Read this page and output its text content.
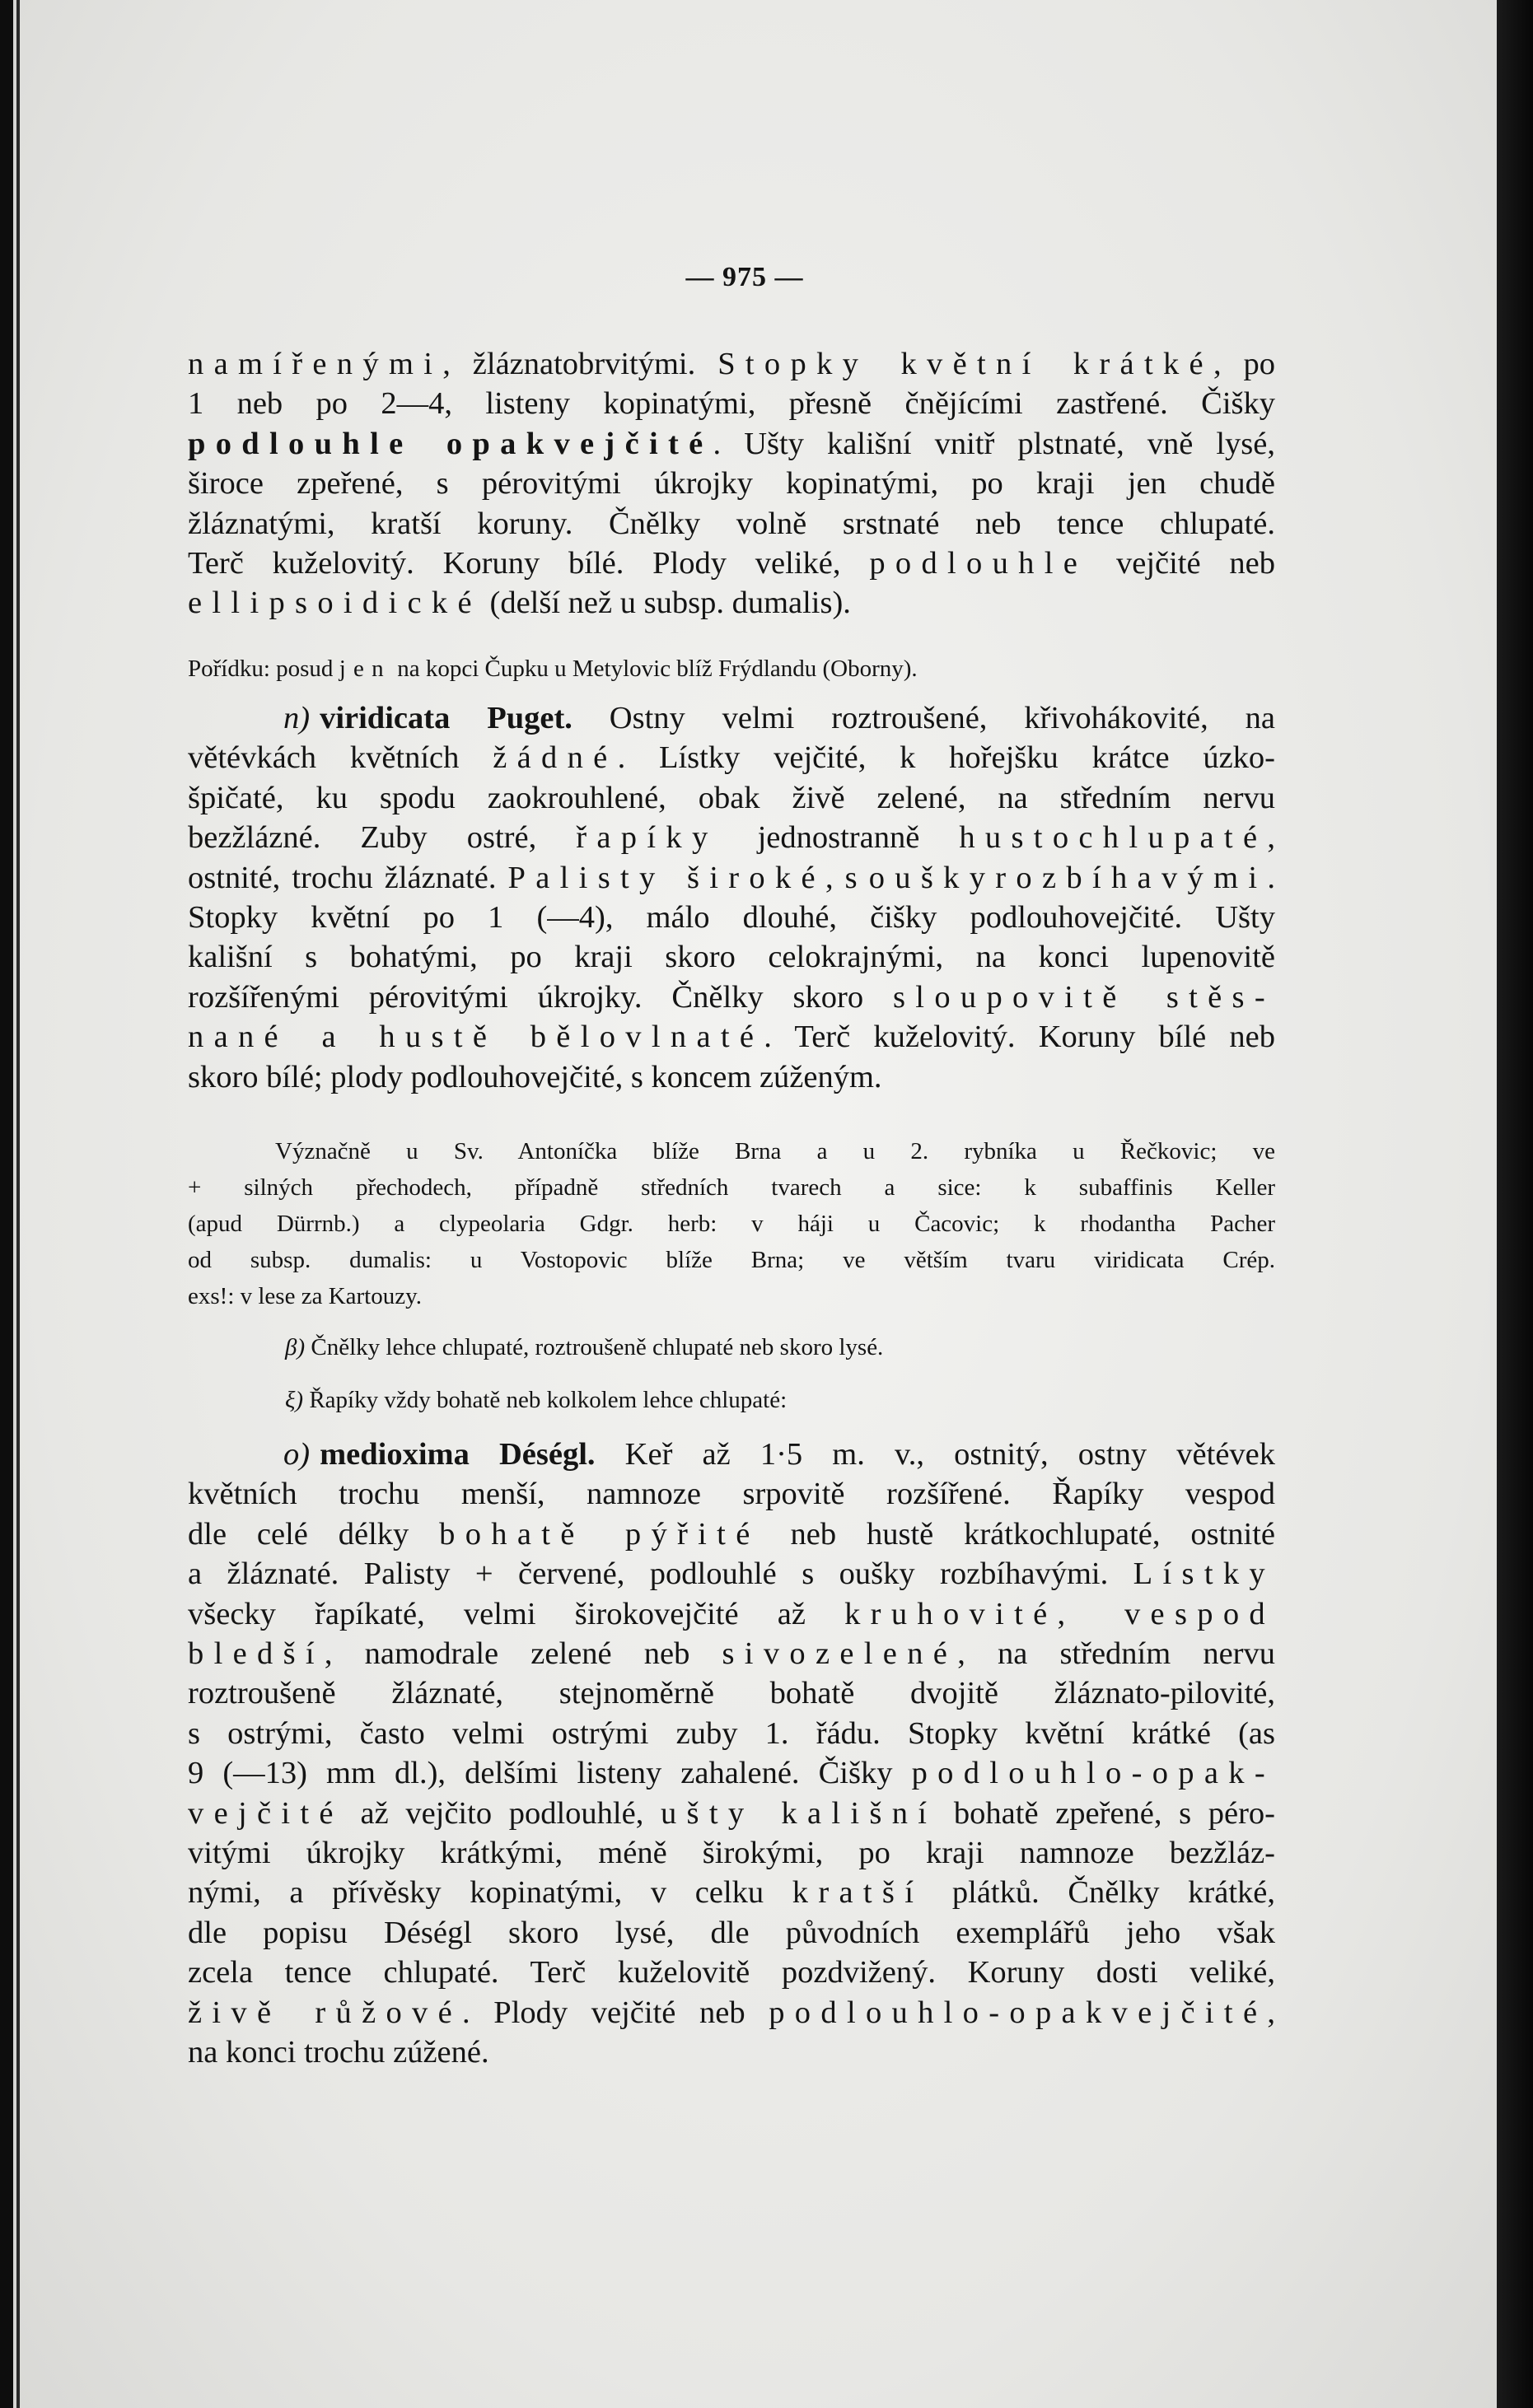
— 975 —
namířenými, žláznatobrvitými. Stopky květní krátké, po
1 neb po 2—4, listeny kopinatými, přesně čnějícími zastřené. Čišky
podlouhle opakvejčité. Ušty kališní vnitř plstnaté, vně lysé,
široce zpeřené, s pérovitými úkrojky kopinatými, po kraji jen chudě
žláznatými, kratší koruny. Čnělky volně srstnaté neb tence chlupaté.
Terč kuželovitý. Koruny bílé. Plody veliké, podlouhle vejčité neb
ellipsoidické (delší než u subsp. dumalis).
Pořídku: posud jen na kopci Čupku u Metylovic blíž Frýdlandu (Oborny).
n) viridicata Puget. Ostny velmi roztroušené, křivohákovité, na
větévkách květních žádné. Lístky vejčité, k hořejšku krátce úzko-
špičaté, ku spodu zaokrouhlené, obak živě zelené, na středním nervu
bezžlázné. Zuby ostré, řapíky jednostranně hustochlupaté,
ostnité, trochu žláznaté. Palisty široké, s ouškyrozbíhavými.
Stopky květní po 1 (—4), málo dlouhé, čišky podlouhovejčité. Ušty
kališní s bohatými, po kraji skoro celokrajnými, na konci lupenovitě
rozšířenými pérovitými úkrojky. Čnělky skoro sloupovitě stěs-
nané a hustě bělovlnaté. Terč kuželovitý. Koruny bílé neb
skoro bílé; plody podlouhovejčité, s koncem zúženým.
Význačně u Sv. Antoníčka blíže Brna a u 2. rybníka u Řečkovic; ve
+ silných přechodech, případně středních tvarech a sice: k subaffinis Keller
(apud Dürrnb.) a clypeolaria Gdgr. herb: v háji u Čacovic; k rhodantha Pacher
od subsp. dumalis: u Vostopovic blíže Brna; ve větším tvaru viridicata Crép.
exs!: v lese za Kartouzy.
β) Čnělky lehce chlupaté, roztroušeně chlupaté neb skoro lysé.
ξ) Řapíky vždy bohatě neb kolkolem lehce chlupaté:
o) medioxima Déségl. Keř až 1·5 m. v., ostnitý, ostny větévek
květních trochu menší, namnoze srpovitě rozšířené. Řapíky vespod
dle celé délky bohatě pýřité neb hustě krátkochlupaté, ostnité
a žláznaté. Palisty + červené, podlouhlé s oušky rozbíhavými. Lístky
všecky řapíkaté, velmi širokovejčité až kruhovité, vespod
bledší, namodrale zelené neb sivozelené, na středním nervu
roztroušeně žláznaté, stejnoměrně bohatě dvojitě žláznato-pilovité,
s ostrými, často velmi ostrými zuby 1. řádu. Stopky květní krátké (as
9 (—13) mm dl.), delšími listeny zahalené. Čišky podlouhlo-opak-
vejčité až vejčito podlouhlé, ušty kališní bohatě zpeřené, s péro-
vitými úkrojky krátkými, méně širokými, po kraji namnoze bezžláz-
nými, a přívěsky kopinatými, v celku kratší plátků. Čnělky krátké,
dle popisu Déségl skoro lysé, dle původních exemplářů jeho však
zcela tence chlupaté. Terč kuželovitě pozdvižený. Koruny dosti veliké,
živě růžové. Plody vejčité neb podlouhlo-opakvejčité,
na konci trochu zúžené.
